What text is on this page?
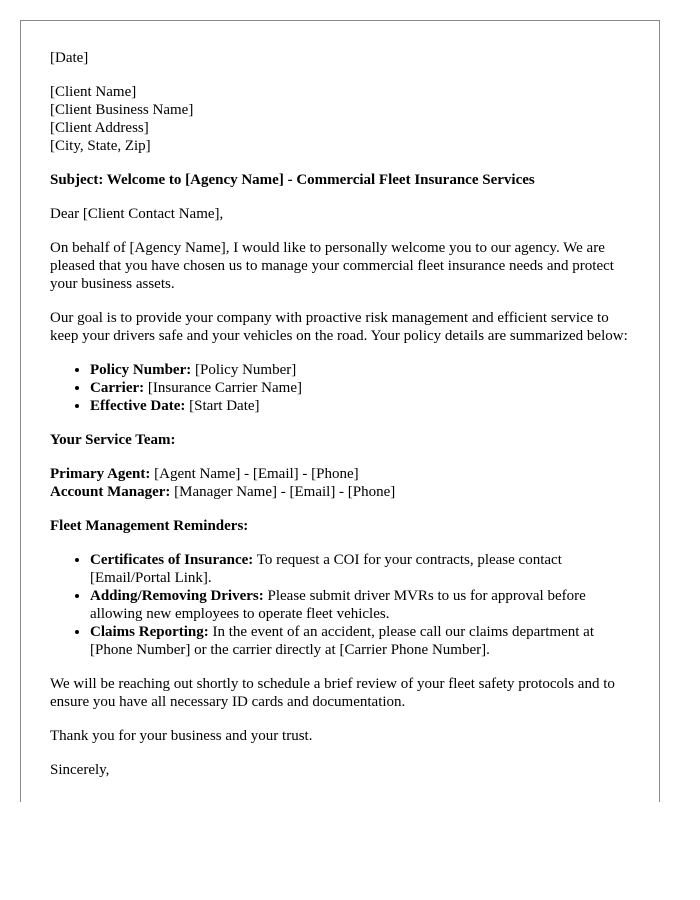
[Date]

[Client Name]
[Client Business Name]
[Client Address]
[City, State, Zip]

Subject: Welcome to [Agency Name] - Commercial Fleet Insurance Services

Dear [Client Contact Name],

On behalf of [Agency Name], I would like to personally welcome you to our agency. We are pleased that you have chosen us to manage your commercial fleet insurance needs and protect your business assets.

Our goal is to provide your company with proactive risk management and efficient service to keep your drivers safe and your vehicles on the road. Your policy details are summarized below:

• Policy Number: [Policy Number]
• Carrier: [Insurance Carrier Name]
• Effective Date: [Start Date]

Your Service Team:

Primary Agent: [Agent Name] - [Email] - [Phone]
Account Manager: [Manager Name] - [Email] - [Phone]

Fleet Management Reminders:

• Certificates of Insurance: To request a COI for your contracts, please contact [Email/Portal Link].
• Adding/Removing Drivers: Please submit driver MVRs to us for approval before allowing new employees to operate fleet vehicles.
• Claims Reporting: In the event of an accident, please call our claims department at [Phone Number] or the carrier directly at [Carrier Phone Number].

We will be reaching out shortly to schedule a brief review of your fleet safety protocols and to ensure you have all necessary ID cards and documentation.

Thank you for your business and your trust.

Sincerely,
